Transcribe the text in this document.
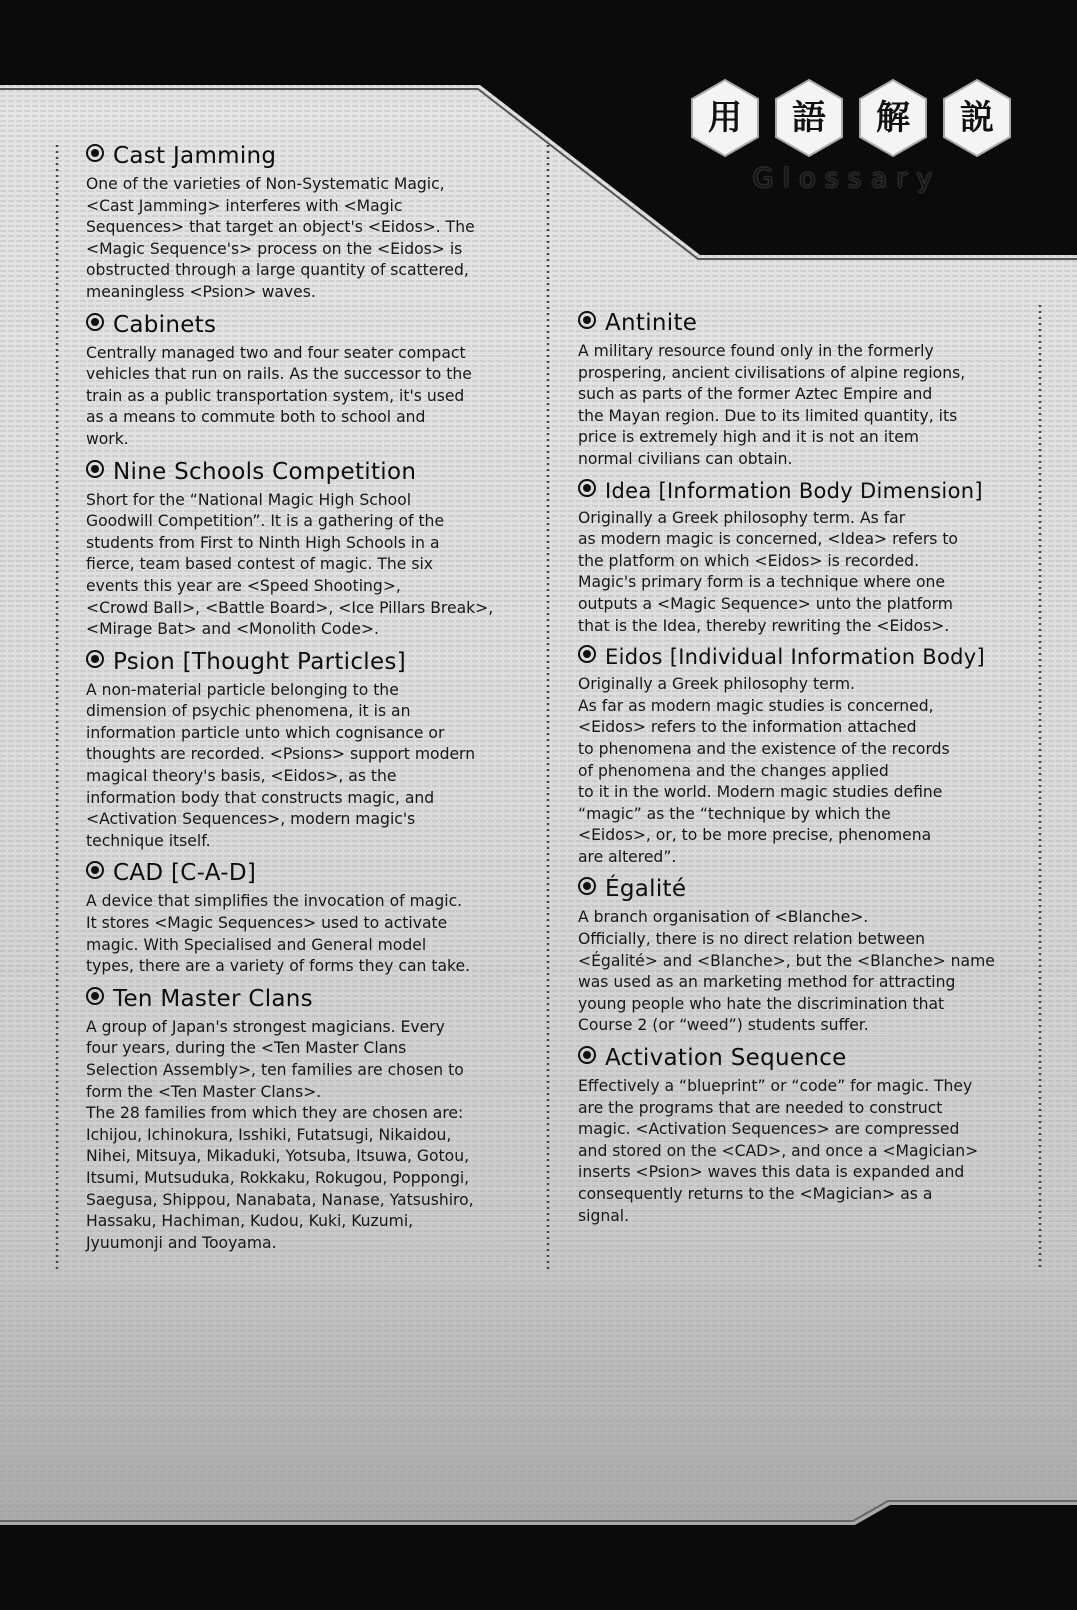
用	語	解	説
Glossary
Cast Jamming

One of the varieties of Non-Systematic Magic,
<Cast Jamming> interferes with <Magic
Sequences> that target an object's <Eidos>. The
<Magic Sequence's> process on the <Eidos> is
obstructed through a large quantity of scattered,
meaningless <Psion> waves.

Cabinets

Centrally managed two and four seater compact
vehicles that run on rails. As the successor to the
train as a public transportation system, it's used
as a means to commute both to school and
work.

Nine Schools Competition

Short for the “National Magic High School
Goodwill Competition”. It is a gathering of the
students from First to Ninth High Schools in a
fierce, team based contest of magic. The six
events this year are <Speed Shooting>,
<Crowd Ball>, <Battle Board>, <Ice Pillars Break>,
<Mirage Bat> and <Monolith Code>.

Psion [Thought Particles]

A non-material particle belonging to the
dimension of psychic phenomena, it is an
information particle unto which cognisance or
thoughts are recorded. <Psions> support modern
magical theory's basis, <Eidos>, as the
information body that constructs magic, and
<Activation Sequences>, modern magic's
technique itself.

CAD [C-A-D]

A device that simplifies the invocation of magic.
It stores <Magic Sequences> used to activate
magic. With Specialised and General model
types, there are a variety of forms they can take.

Ten Master Clans

A group of Japan's strongest magicians. Every
four years, during the <Ten Master Clans
Selection Assembly>, ten families are chosen to
form the <Ten Master Clans>.
The 28 families from which they are chosen are:
Ichijou, Ichinokura, Isshiki, Futatsugi, Nikaidou,
Nihei, Mitsuya, Mikaduki, Yotsuba, Itsuwa, Gotou,
Itsumi, Mutsuduka, Rokkaku, Rokugou, Poppongi,
Saegusa, Shippou, Nanabata, Nanase, Yatsushiro,
Hassaku, Hachiman, Kudou, Kuki, Kuzumi,
Jyuumonji and Tooyama.

Antinite

A military resource found only in the formerly
prospering, ancient civilisations of alpine regions,
such as parts of the former Aztec Empire and
the Mayan region. Due to its limited quantity, its
price is extremely high and it is not an item
normal civilians can obtain.

Idea [Information Body Dimension]

Originally a Greek philosophy term. As far
as modern magic is concerned, <Idea> refers to
the platform on which <Eidos> is recorded.
Magic's primary form is a technique where one
outputs a <Magic Sequence> unto the platform
that is the Idea, thereby rewriting the <Eidos>.

Eidos [Individual Information Body]

Originally a Greek philosophy term.
As far as modern magic studies is concerned,
<Eidos> refers to the information attached
to phenomena and the existence of the records
of phenomena and the changes applied
to it in the world. Modern magic studies define
“magic” as the “technique by which the
<Eidos>, or, to be more precise, phenomena
are altered”.

Égalité

A branch organisation of <Blanche>.
Officially, there is no direct relation between
<Égalité> and <Blanche>, but the <Blanche> name
was used as an marketing method for attracting
young people who hate the discrimination that
Course 2 (or “weed”) students suffer.

Activation Sequence

Effectively a “blueprint” or “code” for magic. They
are the programs that are needed to construct
magic. <Activation Sequences> are compressed
and stored on the <CAD>, and once a <Magician>
inserts <Psion> waves this data is expanded and
consequently returns to the <Magician> as a
signal.
